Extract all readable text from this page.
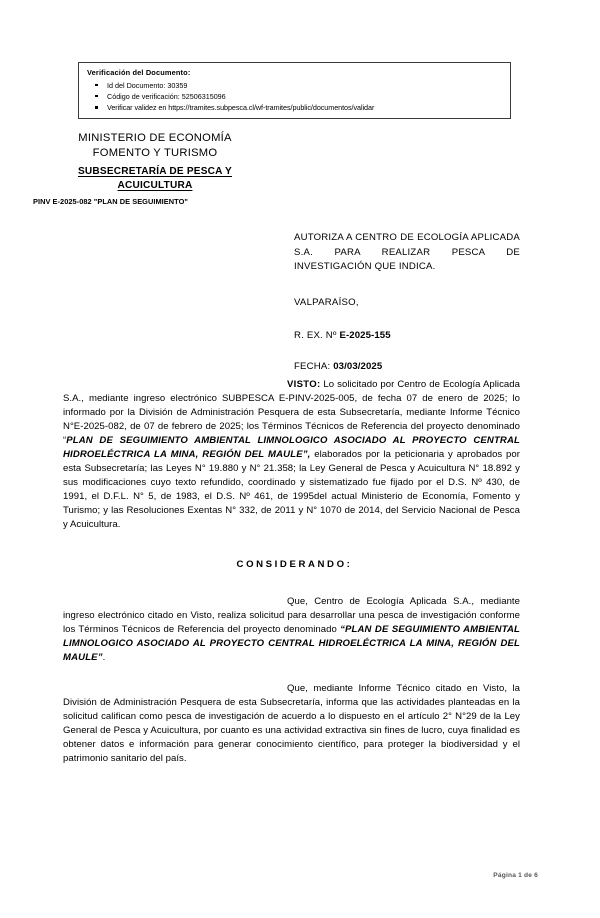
Verificación del Documento:
Id del Documento: 30359
Código de verificación: 52506315096
Verificar validez en https://tramites.subpesca.cl/wf-tramites/public/documentos/validar
MINISTERIO DE ECONOMÍA
FOMENTO Y TURISMO
SUBSECRETARÍA DE PESCA Y
ACUICULTURA
PINV E-2025-082 "PLAN DE SEGUIMIENTO"
AUTORIZA A CENTRO DE ECOLOGÍA APLICADA S.A. PARA REALIZAR PESCA DE INVESTIGACIÓN QUE INDICA.
VALPARAÍSO,
R. EX. Nº E-2025-155
FECHA: 03/03/2025

VISTO: Lo solicitado por Centro de Ecología Aplicada S.A., mediante ingreso electrónico SUBPESCA E-PINV-2025-005, de fecha 07 de enero de 2025; lo informado por la División de Administración Pesquera de esta Subsecretaría, mediante Informe Técnico N°E-2025-082, de 07 de febrero de 2025; los Términos Técnicos de Referencia del proyecto denominado “PLAN DE SEGUIMIENTO AMBIENTAL LIMNOLOGICO ASOCIADO AL PROYECTO CENTRAL HIDROELÉCTRICA LA MINA, REGIÓN DEL MAULE”, elaborados por la peticionaria y aprobados por esta Subsecretaría; las Leyes N° 19.880 y N° 21.358; la Ley General de Pesca y Acuicultura N° 18.892 y sus modificaciones cuyo texto refundido, coordinado y sistematizado fue fijado por el D.S. Nº 430, de 1991, el D.F.L. N° 5, de 1983, el D.S. Nº 461, de 1995del actual Ministerio de Economía, Fomento y Turismo; y las Resoluciones Exentas N° 332, de 2011 y N° 1070 de 2014, del Servicio Nacional de Pesca y Acuicultura.

CONSIDERANDO:

Que, Centro de Ecología Aplicada S.A., mediante ingreso electrónico citado en Visto, realiza solicitud para desarrollar una pesca de investigación conforme los Términos Técnicos de Referencia del proyecto denominado “PLAN DE SEGUIMIENTO AMBIENTAL LIMNOLOGICO ASOCIADO AL PROYECTO CENTRAL HIDROELÉCTRICA LA MINA, REGIÓN DEL MAULE”.

Que, mediante Informe Técnico citado en Visto, la División de Administración Pesquera de esta Subsecretaría, informa que las actividades planteadas en la solicitud califican como pesca de investigación de acuerdo a lo dispuesto en el artículo 2° N°29 de la Ley General de Pesca y Acuicultura, por cuanto es una actividad extractiva sin fines de lucro, cuya finalidad es obtener datos e información para generar conocimiento científico, para proteger la biodiversidad y el patrimonio sanitario del país.

Página 1 de 6
